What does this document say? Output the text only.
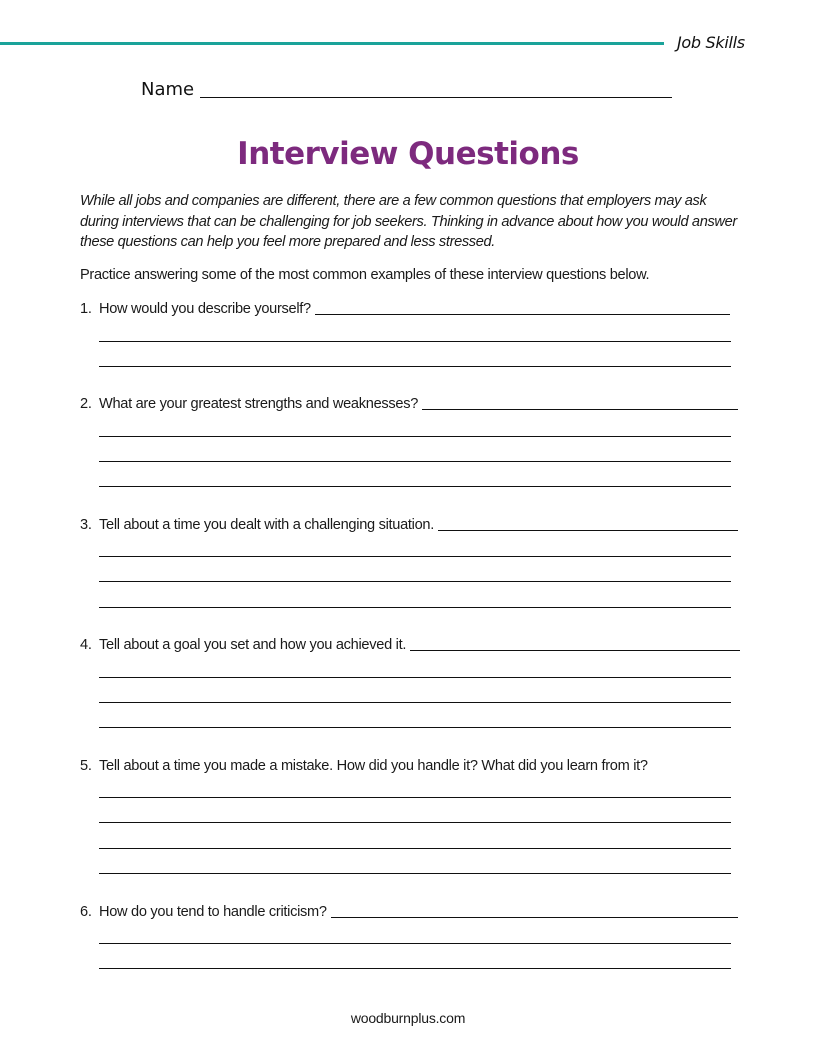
Job Skills
Name
Interview Questions
While all jobs and companies are different, there are a few common questions that employers may ask during interviews that can be challenging for job seekers. Thinking in advance about how you would answer these questions can help you feel more prepared and less stressed.
Practice answering some of the most common examples of these interview questions below.
1. How would you describe yourself?
2. What are your greatest strengths and weaknesses?
3. Tell about a time you dealt with a challenging situation.
4. Tell about a goal you set and how you achieved it.
5. Tell about a time you made a mistake. How did you handle it? What did you learn from it?
6. How do you tend to handle criticism?
woodburnplus.com
